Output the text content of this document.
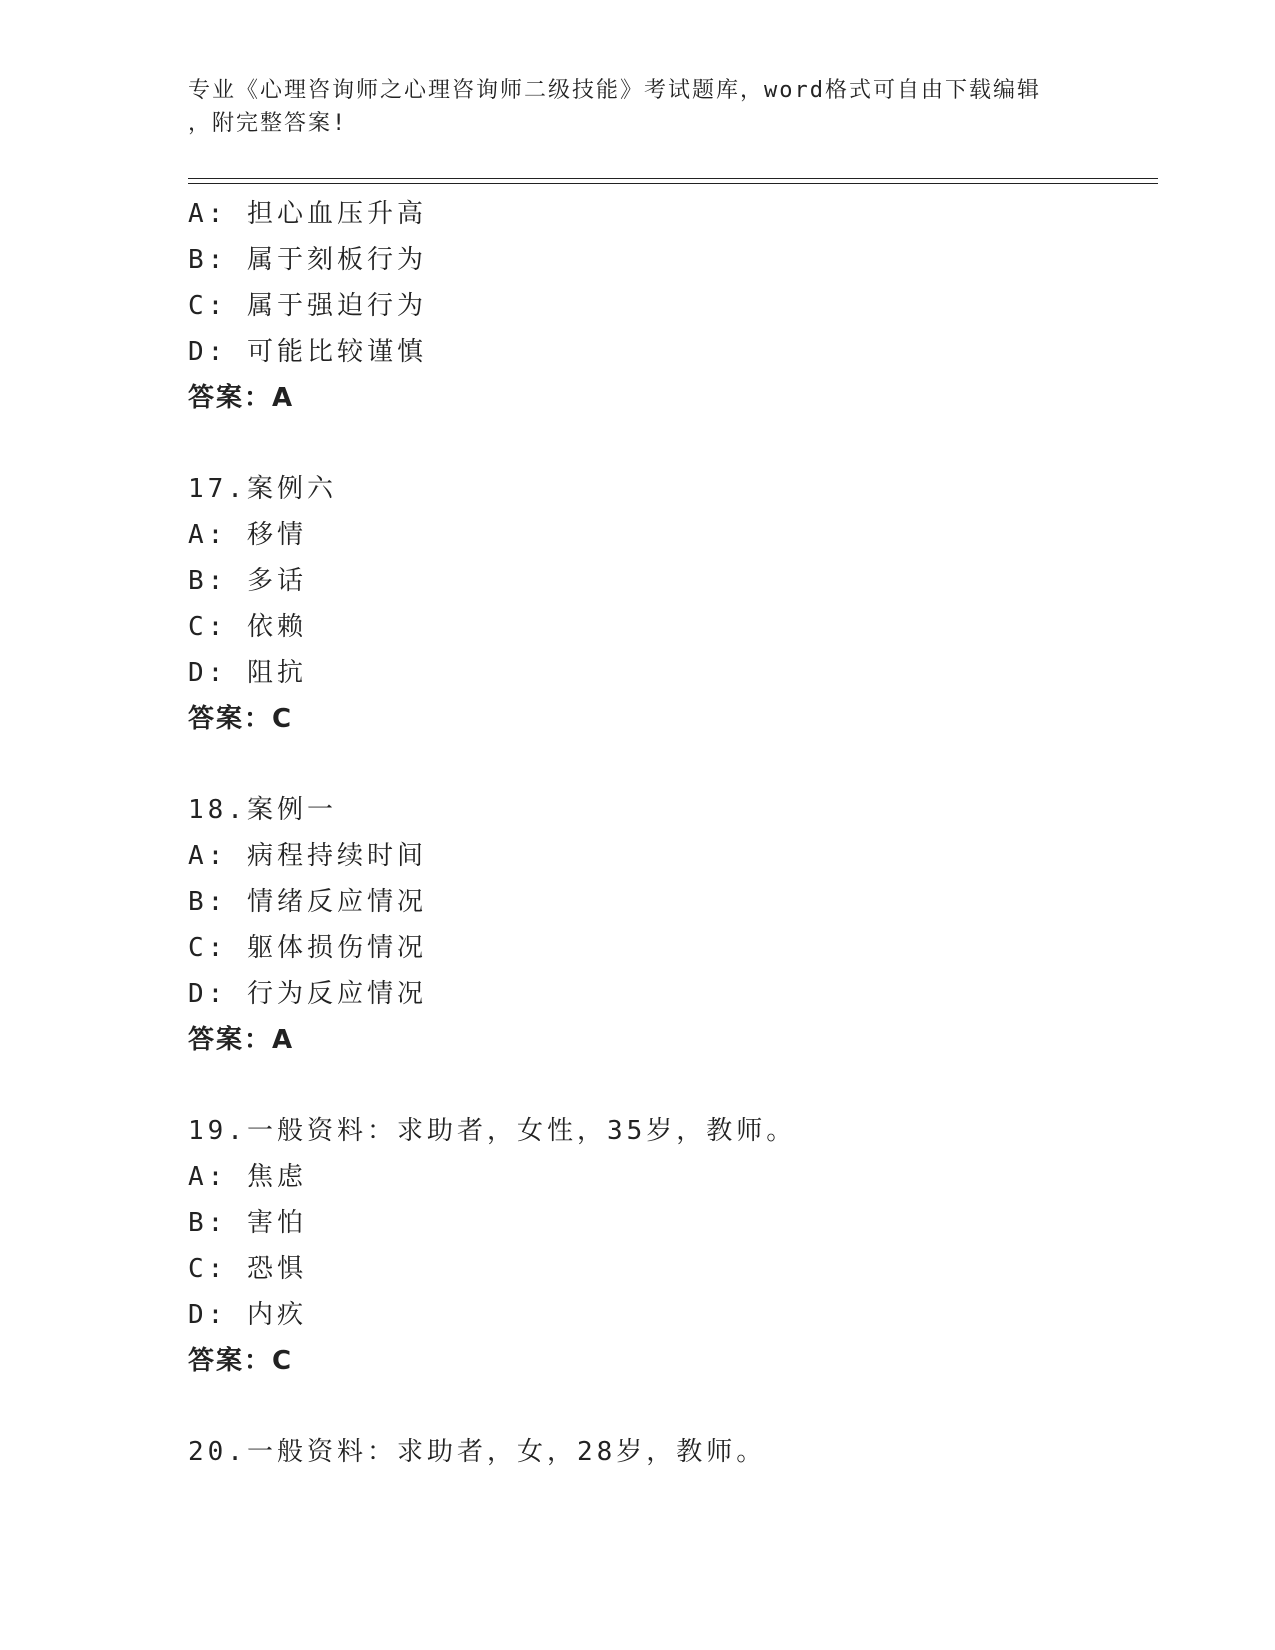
专业《心理咨询师之心理咨询师二级技能》考试题库，word格式可自由下载编辑
，附完整答案!
A: 担心血压升高
B: 属于刻板行为
C: 属于强迫行为
D: 可能比较谨慎
答案：A
17.案例六
A: 移情
B: 多话
C: 依赖
D: 阻抗
答案：C
18.案例一
A: 病程持续时间
B: 情绪反应情况
C: 躯体损伤情况
D: 行为反应情况
答案：A
19.一般资料：求助者，女性，35岁，教师。
A: 焦虑
B: 害怕
C: 恐惧
D: 内疚
答案：C
20.一般资料：求助者，女，28岁，教师。
